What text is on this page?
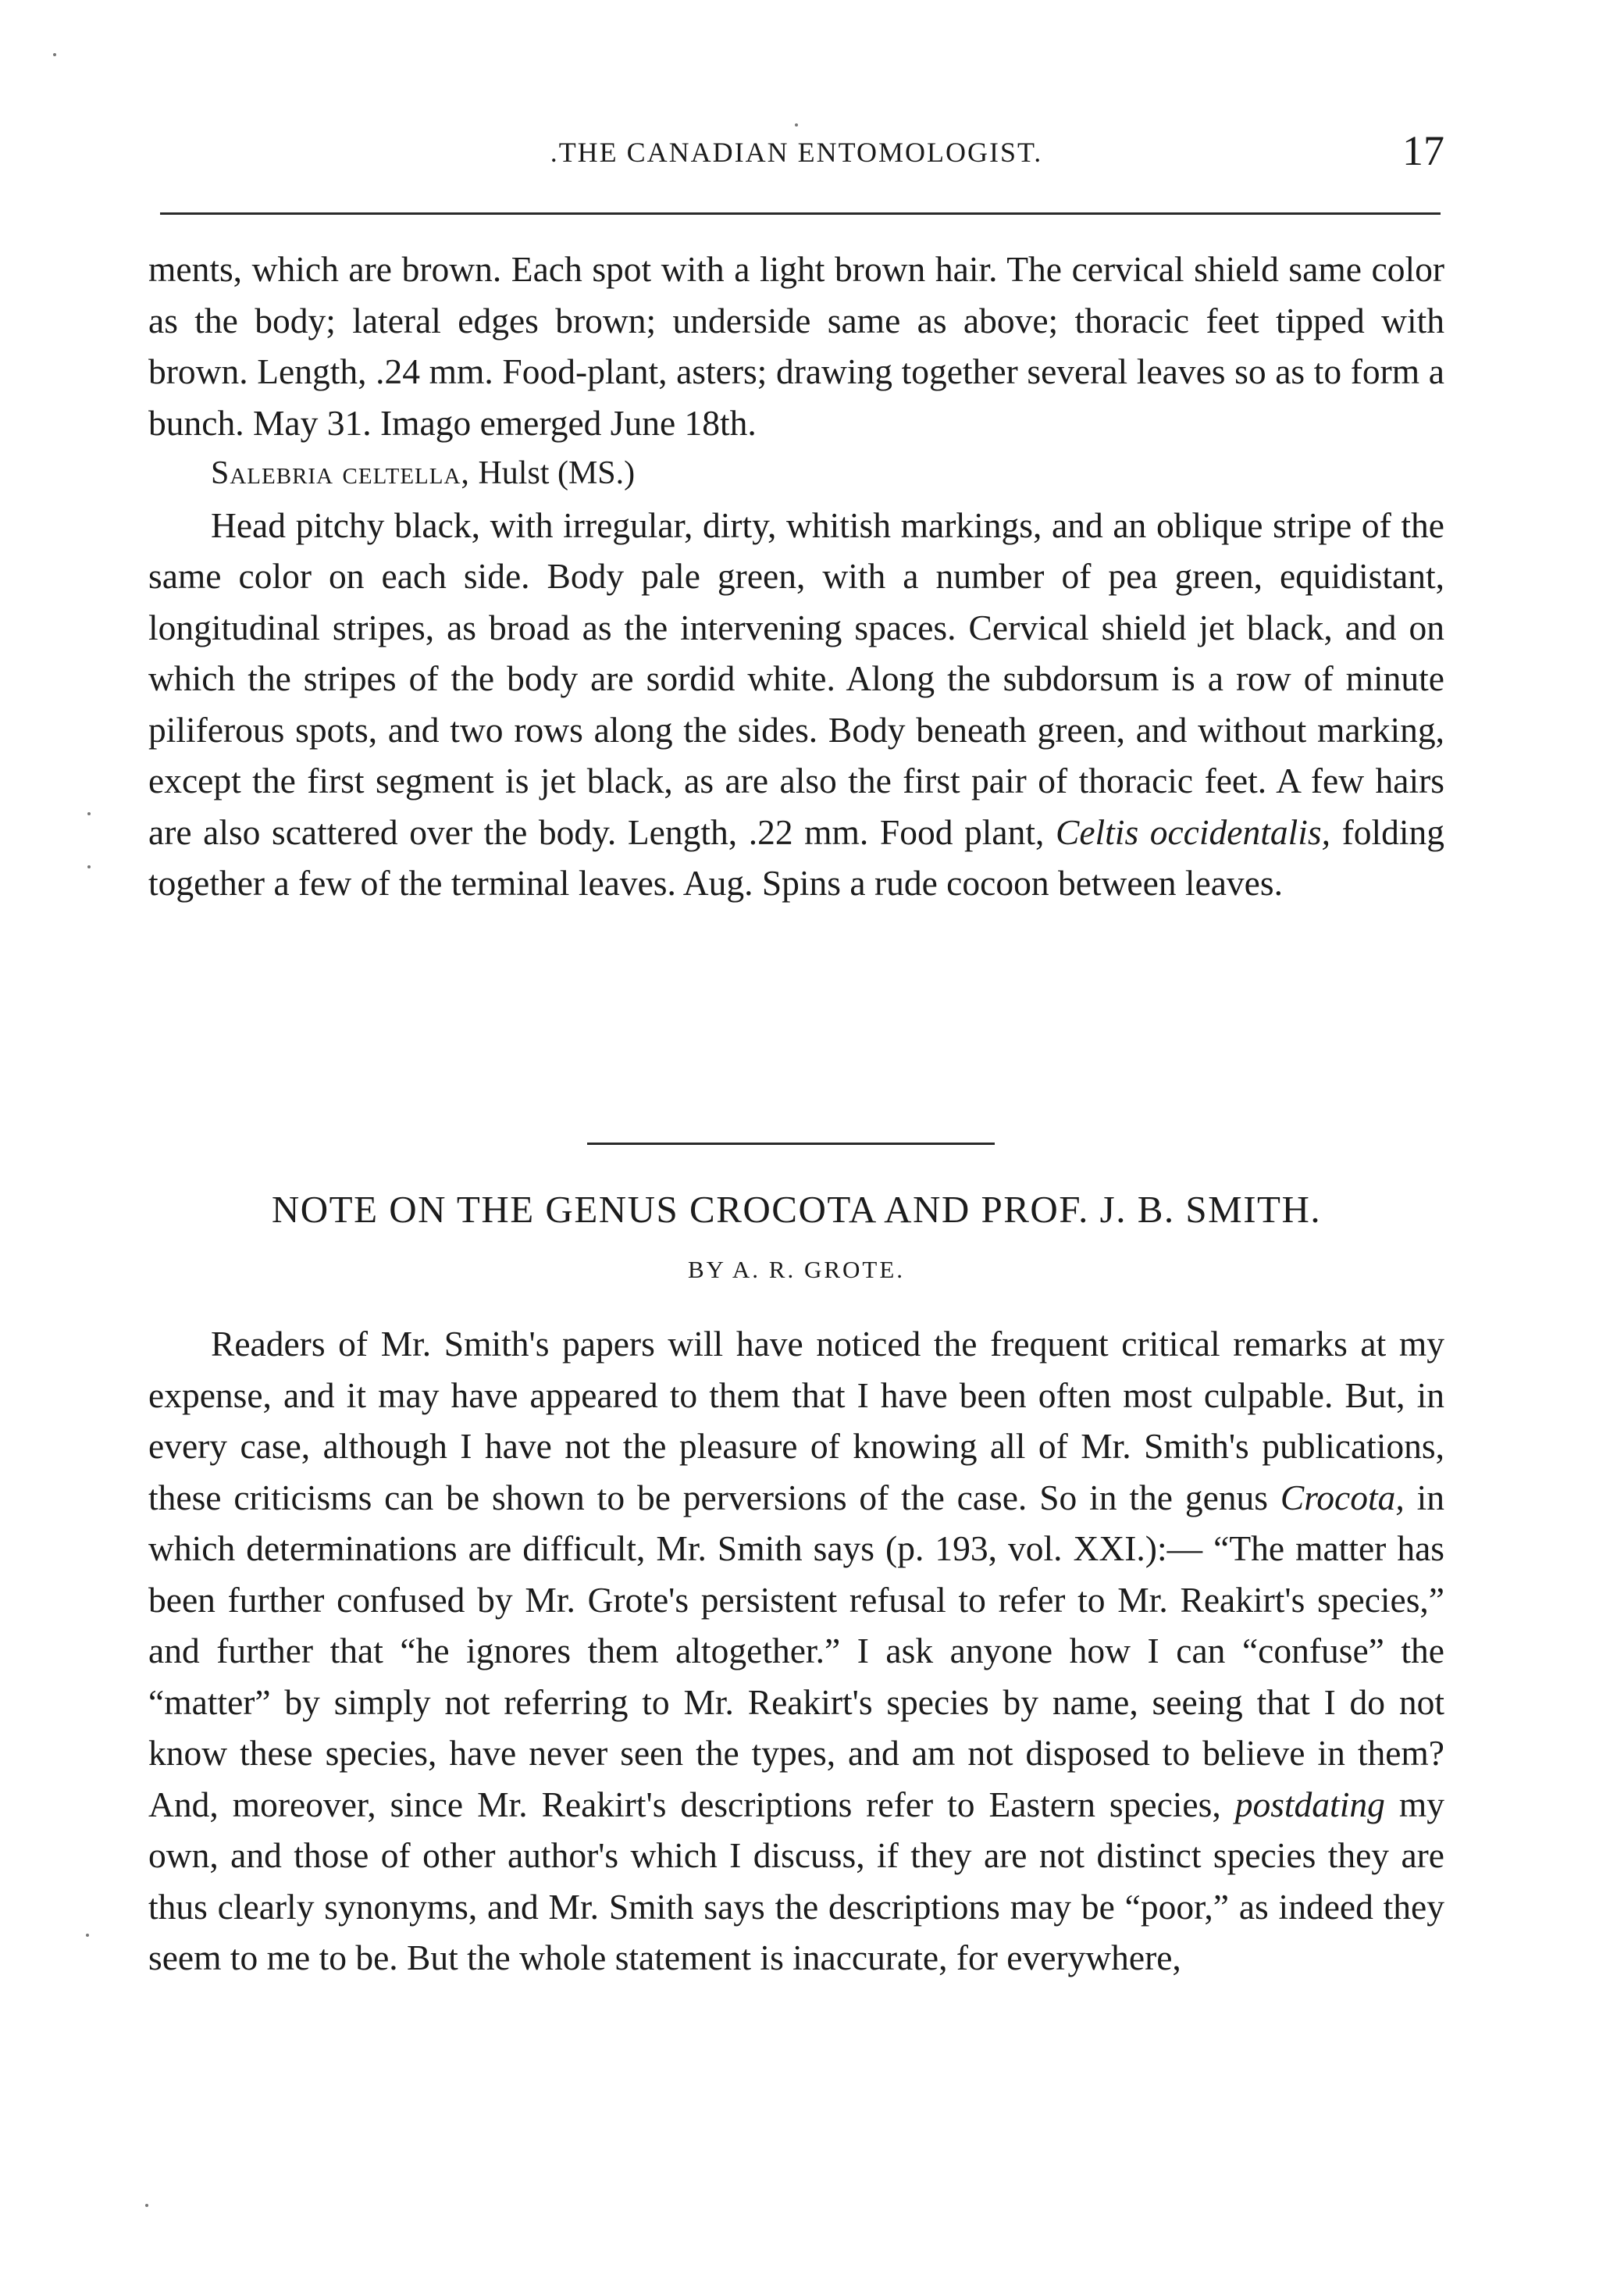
.THE CANADIAN ENTOMOLOGIST.	17

ments, which are brown. Each spot with a light brown hair. The cervical shield same color as the body; lateral edges brown; underside same as above; thoracic feet tipped with brown. Length, .24 mm. Food-plant, asters; drawing together several leaves so as to form a bunch. May 31. Imago emerged June 18th.

Salebria celtella, Hulst (MS.)

Head pitchy black, with irregular, dirty, whitish markings, and an oblique stripe of the same color on each side. Body pale green, with a number of pea green, equidistant, longitudinal stripes, as broad as the intervening spaces. Cervical shield jet black, and on which the stripes of the body are sordid white. Along the subdorsum is a row of minute piliferous spots, and two rows along the sides. Body beneath green, and without marking, except the first segment is jet black, as are also the first pair of thoracic feet. A few hairs are also scattered over the body. Length, .22 mm. Food plant, Celtis occidentalis, folding together a few of the terminal leaves. Aug. Spins a rude cocoon between leaves.

NOTE ON THE GENUS CROCOTA AND PROF. J. B. SMITH.
BY A. R. GROTE.

Readers of Mr. Smith's papers will have noticed the frequent critical remarks at my expense, and it may have appeared to them that I have been often most culpable. But, in every case, although I have not the pleasure of knowing all of Mr. Smith's publications, these criticisms can be shown to be perversions of the case. So in the genus Crocota, in which determinations are difficult, Mr. Smith says (p. 193, vol. XXI.):— “The matter has been further confused by Mr. Grote's persistent refusal to refer to Mr. Reakirt's species,” and further that “he ignores them altogether.” I ask anyone how I can “confuse” the “matter” by simply not referring to Mr. Reakirt's species by name, seeing that I do not know these species, have never seen the types, and am not disposed to believe in them? And, moreover, since Mr. Reakirt's descriptions refer to Eastern species, postdating my own, and those of other author's which I discuss, if they are not distinct species they are thus clearly synonyms, and Mr. Smith says the descriptions may be “poor,” as indeed they seem to me to be. But the whole statement is inaccurate, for everywhere,
